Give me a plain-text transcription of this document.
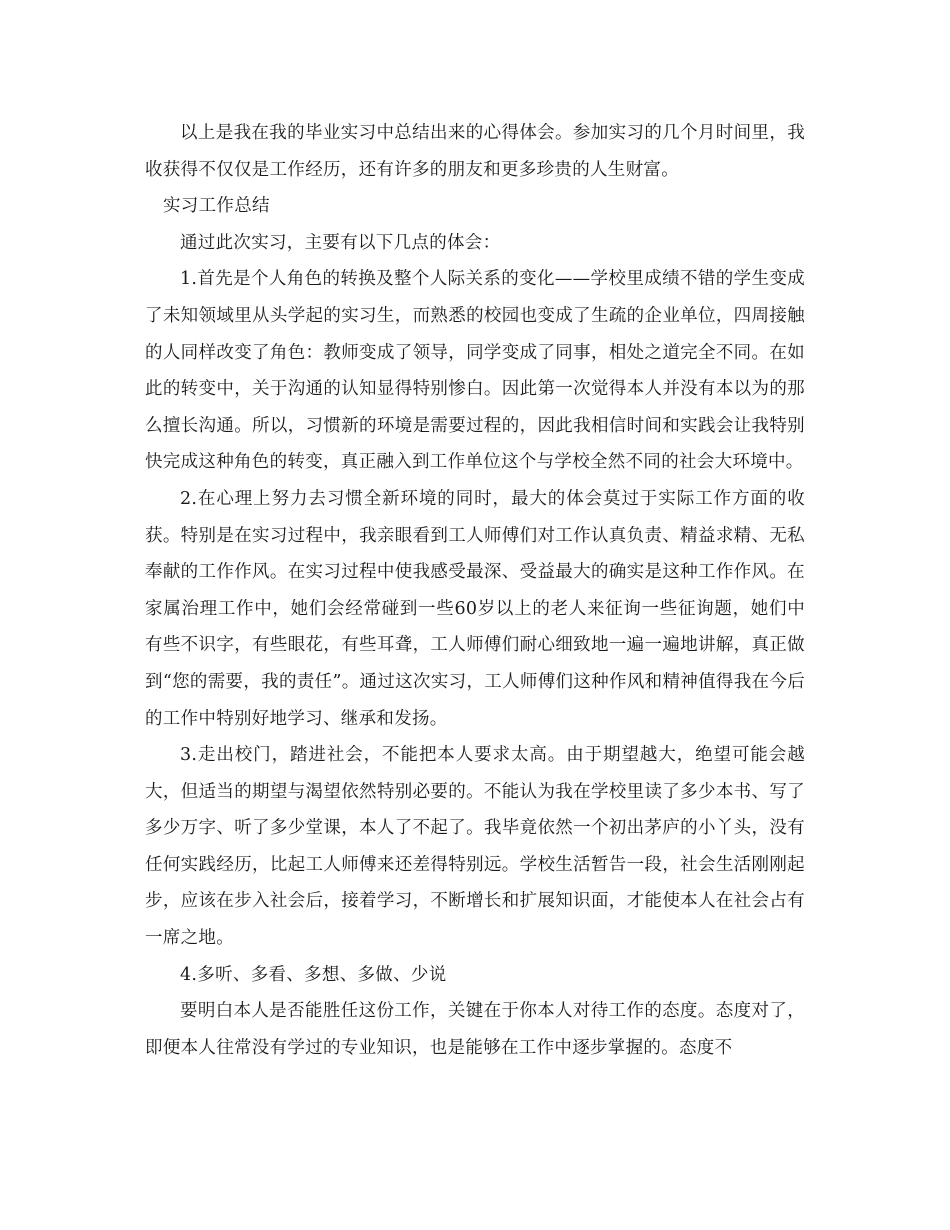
以上是我在我的毕业实习中总结出来的心得体会。参加实习的几个月时间里，我收获得不仅仅是工作经历，还有许多的朋友和更多珍贵的人生财富。

实习工作总结

通过此次实习，主要有以下几点的体会：

1.首先是个人角色的转换及整个人际关系的变化——学校里成绩不错的学生变成了未知领域里从头学起的实习生，而熟悉的校园也变成了生疏的企业单位，四周接触的人同样改变了角色：教师变成了领导，同学变成了同事，相处之道完全不同。在如此的转变中，关于沟通的认知显得特别惨白。因此第一次觉得本人并没有本以为的那么擅长沟通。所以，习惯新的环境是需要过程的，因此我相信时间和实践会让我特别快完成这种角色的转变，真正融入到工作单位这个与学校全然不同的社会大环境中。

2.在心理上努力去习惯全新环境的同时，最大的体会莫过于实际工作方面的收获。特别是在实习过程中，我亲眼看到工人师傅们对工作认真负责、精益求精、无私奉献的工作作风。在实习过程中使我感受最深、受益最大的确实是这种工作作风。在家属治理工作中，她们会经常碰到一些60岁以上的老人来征询一些征询题，她们中有些不识字，有些眼花，有些耳聋，工人师傅们耐心细致地一遍一遍地讲解，真正做到“您的需要，我的责任”。通过这次实习，工人师傅们这种作风和精神值得我在今后的工作中特别好地学习、继承和发扬。

3.走出校门，踏进社会，不能把本人要求太高。由于期望越大，绝望可能会越大，但适当的期望与渴望依然特别必要的。不能认为我在学校里读了多少本书、写了多少万字、听了多少堂课，本人了不起了。我毕竟依然一个初出茅庐的小丫头，没有任何实践经历，比起工人师傅来还差得特别远。学校生活暂告一段，社会生活刚刚起步，应该在步入社会后，接着学习，不断增长和扩展知识面，才能使本人在社会占有一席之地。

4.多听、多看、多想、多做、少说

要明白本人是否能胜任这份工作，关键在于你本人对待工作的态度。态度对了，即便本人往常没有学过的专业知识，也是能够在工作中逐步掌握的。态度不
